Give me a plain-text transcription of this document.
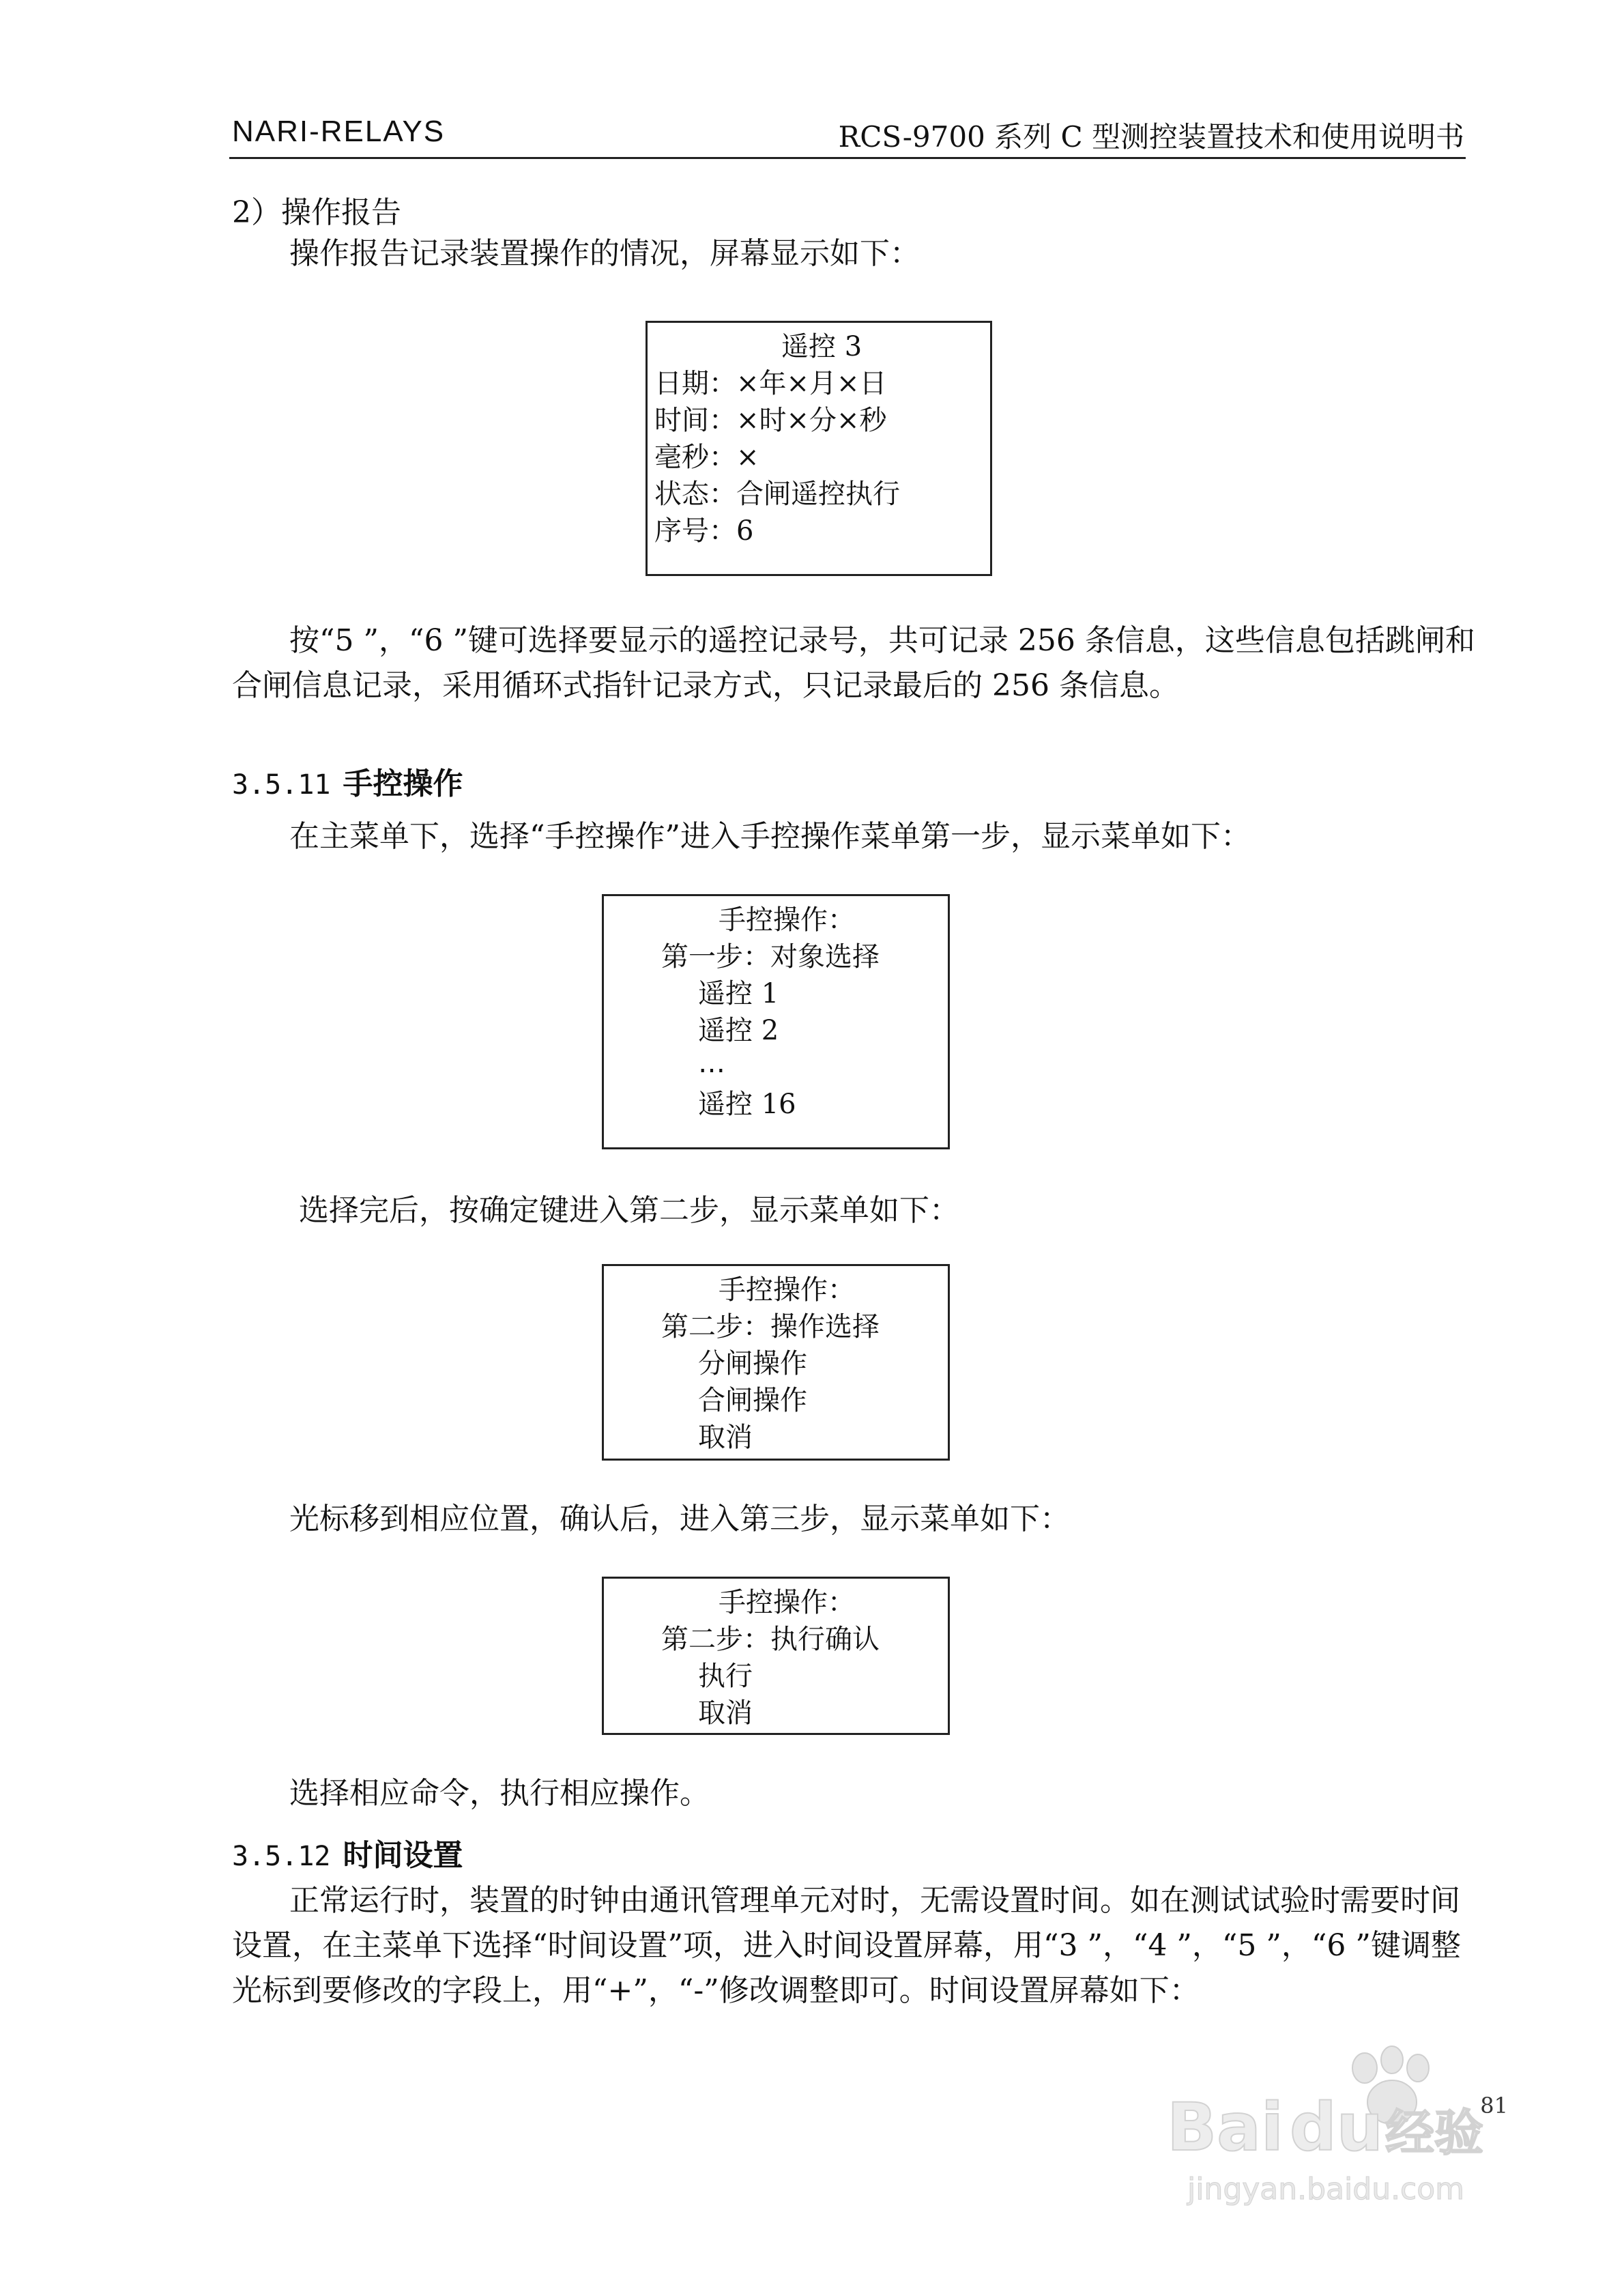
NARI-RELAYS	RCS-9700 系列 C 型测控装置技术和使用说明书
2）操作报告
操作报告记录装置操作的情况，屏幕显示如下：
遥控 3
日期：×年×月×日
时间：×时×分×秒
毫秒：×
状态：合闸遥控执行
序号：6
按“5 ”，“6 ”键可选择要显示的遥控记录号，共可记录 256 条信息，这些信息包括跳闸和合闸信息记录，采用循环式指针记录方式，只记录最后的 256 条信息。
3.5.11 手控操作
在主菜单下，选择“手控操作”进入手控操作菜单第一步，显示菜单如下：
手控操作：
第一步：对象选择
遥控 1
遥控 2
…
遥控 16
选择完后，按确定键进入第二步，显示菜单如下：
手控操作：
第二步：操作选择
分闸操作
合闸操作
取消
光标移到相应位置，确认后，进入第三步，显示菜单如下：
手控操作：
第二步：执行确认
执行
取消
选择相应命令，执行相应操作。
3.5.12 时间设置
正常运行时，装置的时钟由通讯管理单元对时，无需设置时间。如在测试试验时需要时间设置，在主菜单下选择“时间设置”项，进入时间设置屏幕，用“3 ”，“4 ”，“5 ”，“6 ”键调整光标到要修改的字段上，用“+”，“-”修改调整即可。时间设置屏幕如下：
81
Bai du 经验
jingyan.baidu.com
